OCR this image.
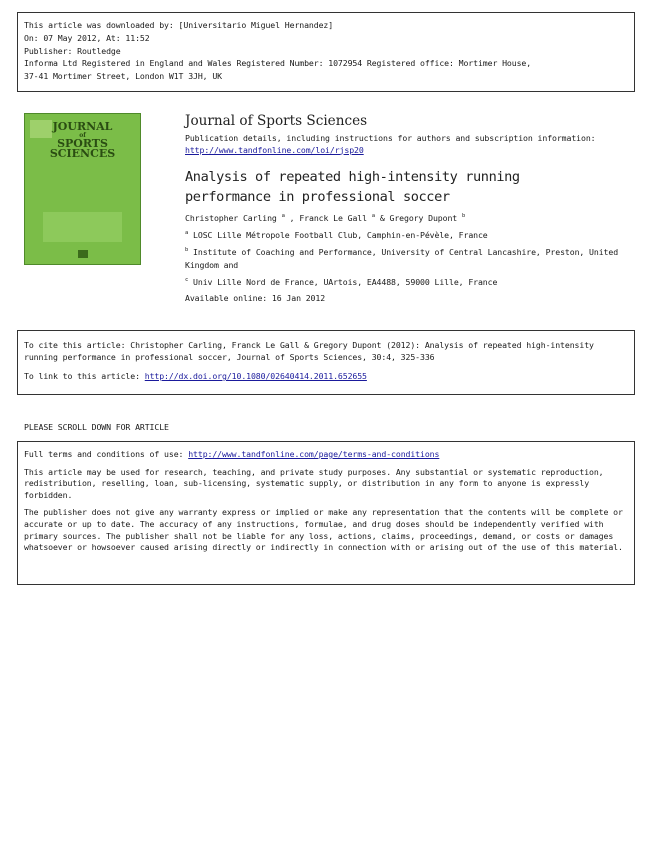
This article was downloaded by: [Universitario Miguel Hernandez]
On: 07 May 2012, At: 11:52
Publisher: Routledge
Informa Ltd Registered in England and Wales Registered Number: 1072954 Registered office: Mortimer House,
37-41 Mortimer Street, London W1T 3JH, UK
JOURNAL
of
SPORTS
SCIENCES
Journal of Sports Sciences
Publication details, including instructions for authors and subscription information:
http://www.tandfonline.com/loi/rjsp20
Analysis of repeated high-intensity running
performance in professional soccer
Christopher Carling $^a$ , Franck Le Gall $^a$ & Gregory Dupont $^b$
$^a$ LOSC Lille Métropole Football Club, Camphin-en-Pévèle, France
$^b$ Institute of Coaching and Performance, University of Central Lancashire, Preston, United Kingdom and
$^c$ Univ Lille Nord de France, UArtois, EA4488, 59000 Lille, France
Available online: 16 Jan 2012
To cite this article: Christopher Carling, Franck Le Gall & Gregory Dupont (2012): Analysis of repeated high-intensity running performance in professional soccer, Journal of Sports Sciences, 30:4, 325-336
To link to this article: http://dx.doi.org/10.1080/02640414.2011.652655
PLEASE SCROLL DOWN FOR ARTICLE

Full terms and conditions of use: http://www.tandfonline.com/page/terms-and-conditions

This article may be used for research, teaching, and private study purposes. Any substantial or systematic reproduction, redistribution, reselling, loan, sub-licensing, systematic supply, or distribution in any form to anyone is expressly forbidden.

The publisher does not give any warranty express or implied or make any representation that the contents will be complete or accurate or up to date. The accuracy of any instructions, formulae, and drug doses should be independently verified with primary sources. The publisher shall not be liable for any loss, actions, claims, proceedings, demand, or costs or damages whatsoever or howsoever caused arising directly or indirectly in connection with or arising out of the use of this material.
